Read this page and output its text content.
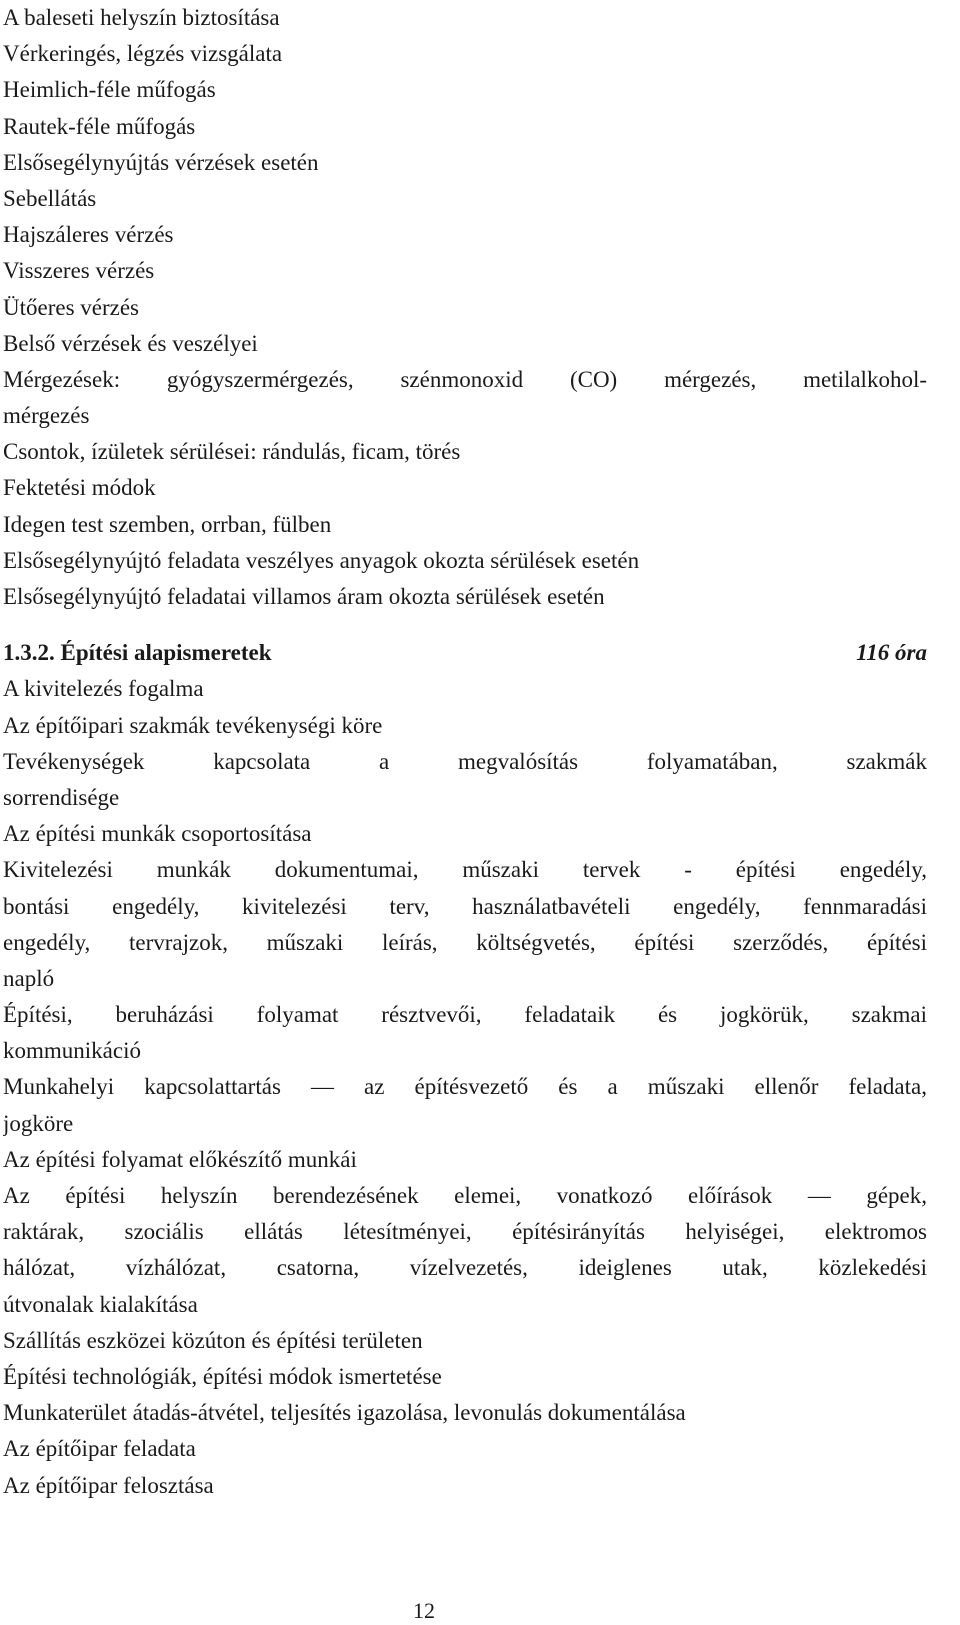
A baleseti helyszín biztosítása
Vérkeringés, légzés vizsgálata
Heimlich-féle műfogás
Rautek-féle műfogás
Elsősegélynyújtás vérzések esetén
Sebellátás
Hajszáleres vérzés
Visszeres vérzés
Ütőeres vérzés
Belső vérzések és veszélyei
Mérgezések: gyógyszermérgezés, szénmonoxid (CO) mérgezés, metilalkohol-
mérgezés
Csontok, ízületek sérülései: rándulás, ficam, törés
Fektetési módok
Idegen test szemben, orrban, fülben
Elsősegélynyújtó feladata veszélyes anyagok okozta sérülések esetén
Elsősegélynyújtó feladatai villamos áram okozta sérülések esetén
1.3.2. Építési alapismeretek	116 óra
A kivitelezés fogalma
Az építőipari szakmák tevékenységi köre
Tevékenységek kapcsolata a megvalósítás folyamatában, szakmák
sorrendisége
Az építési munkák csoportosítása
Kivitelezési munkák dokumentumai, műszaki tervek - építési engedély,
bontási engedély, kivitelezési terv, használatbavételi engedély, fennmaradási
engedély, tervrajzok, műszaki leírás, költségvetés, építési szerződés, építési
napló
Építési, beruházási folyamat résztvevői, feladataik és jogkörük, szakmai
kommunikáció
Munkahelyi kapcsolattartás — az építésvezető és a műszaki ellenőr feladata,
jogköre
Az építési folyamat előkészítő munkái
Az építési helyszín berendezésének elemei, vonatkozó előírások — gépek,
raktárak, szociális ellátás létesítményei, építésirányítás helyiségei, elektromos
hálózat, vízhálózat, csatorna, vízelvezetés, ideiglenes utak, közlekedési
útvonalak kialakítása
Szállítás eszközei közúton és építési területen
Építési technológiák, építési módok ismertetése
Munkaterület átadás-átvétel, teljesítés igazolása, levonulás dokumentálása
Az építőipar feladata
Az építőipar felosztása
12
